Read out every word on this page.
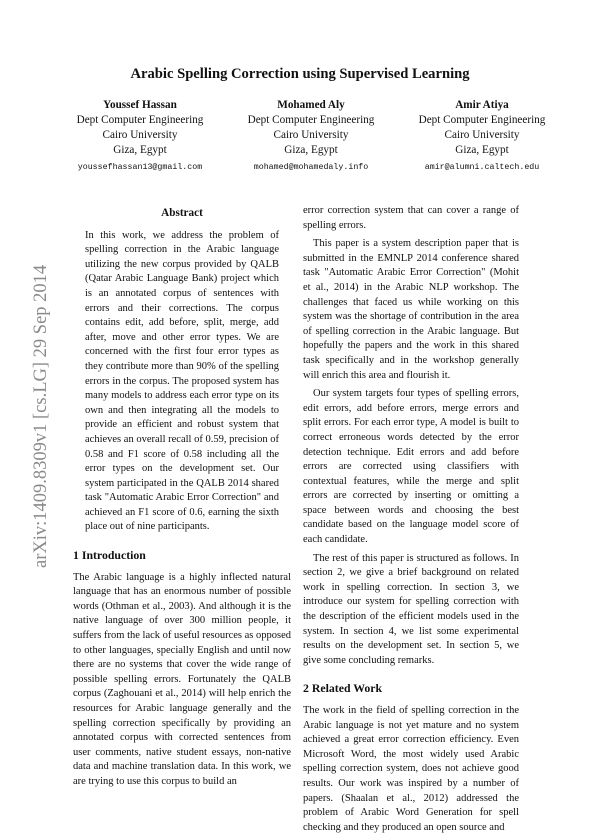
arXiv:1409.8309v1 [cs.LG] 29 Sep 2014
Arabic Spelling Correction using Supervised Learning
Youssef Hassan
Dept Computer Engineering
Cairo University
Giza, Egypt
youssefhassan13@gmail.com
Mohamed Aly
Dept Computer Engineering
Cairo University
Giza, Egypt
mohamed@mohamedaly.info
Amir Atiya
Dept Computer Engineering
Cairo University
Giza, Egypt
amir@alumni.caltech.edu
Abstract

In this work, we address the problem of spelling correction in the Arabic language utilizing the new corpus provided by QALB (Qatar Arabic Language Bank) project which is an annotated corpus of sentences with errors and their corrections. The corpus contains edit, add before, split, merge, add after, move and other error types. We are concerned with the first four error types as they contribute more than 90% of the spelling errors in the corpus. The proposed system has many models to address each error type on its own and then integrating all the models to provide an efficient and robust system that achieves an overall recall of 0.59, precision of 0.58 and F1 score of 0.58 including all the error types on the development set. Our system participated in the QALB 2014 shared task "Automatic Arabic Error Correction" and achieved an F1 score of 0.6, earning the sixth place out of nine participants.

1 Introduction

The Arabic language is a highly inflected natural language that has an enormous number of possible words (Othman et al., 2003). And although it is the native language of over 300 million people, it suffers from the lack of useful resources as opposed to other languages, specially English and until now there are no systems that cover the wide range of possible spelling errors. Fortunately the QALB corpus (Zaghouani et al., 2014) will help enrich the resources for Arabic language generally and the spelling correction specifically by providing an annotated corpus with corrected sentences from user comments, native student essays, non-native data and machine translation data. In this work, we are trying to use this corpus to build an

error correction system that can cover a range of spelling errors.

This paper is a system description paper that is submitted in the EMNLP 2014 conference shared task "Automatic Arabic Error Correction" (Mohit et al., 2014) in the Arabic NLP workshop. The challenges that faced us while working on this system was the shortage of contribution in the area of spelling correction in the Arabic language. But hopefully the papers and the work in this shared task specifically and in the workshop generally will enrich this area and flourish it.

Our system targets four types of spelling errors, edit errors, add before errors, merge errors and split errors. For each error type, A model is built to correct erroneous words detected by the error detection technique. Edit errors and add before errors are corrected using classifiers with contextual features, while the merge and split errors are corrected by inserting or omitting a space between words and choosing the best candidate based on the language model score of each candidate.

The rest of this paper is structured as follows. In section 2, we give a brief background on related work in spelling correction. In section 3, we introduce our system for spelling correction with the description of the efficient models used in the system. In section 4, we list some experimental results on the development set. In section 5, we give some concluding remarks.

2 Related Work

The work in the field of spelling correction in the Arabic language is not yet mature and no system achieved a great error correction efficiency. Even Microsoft Word, the most widely used Arabic spelling correction system, does not achieve good results. Our work was inspired by a number of papers. (Shaalan et al., 2012) addressed the problem of Arabic Word Generation for spell checking and they produced an open source and
